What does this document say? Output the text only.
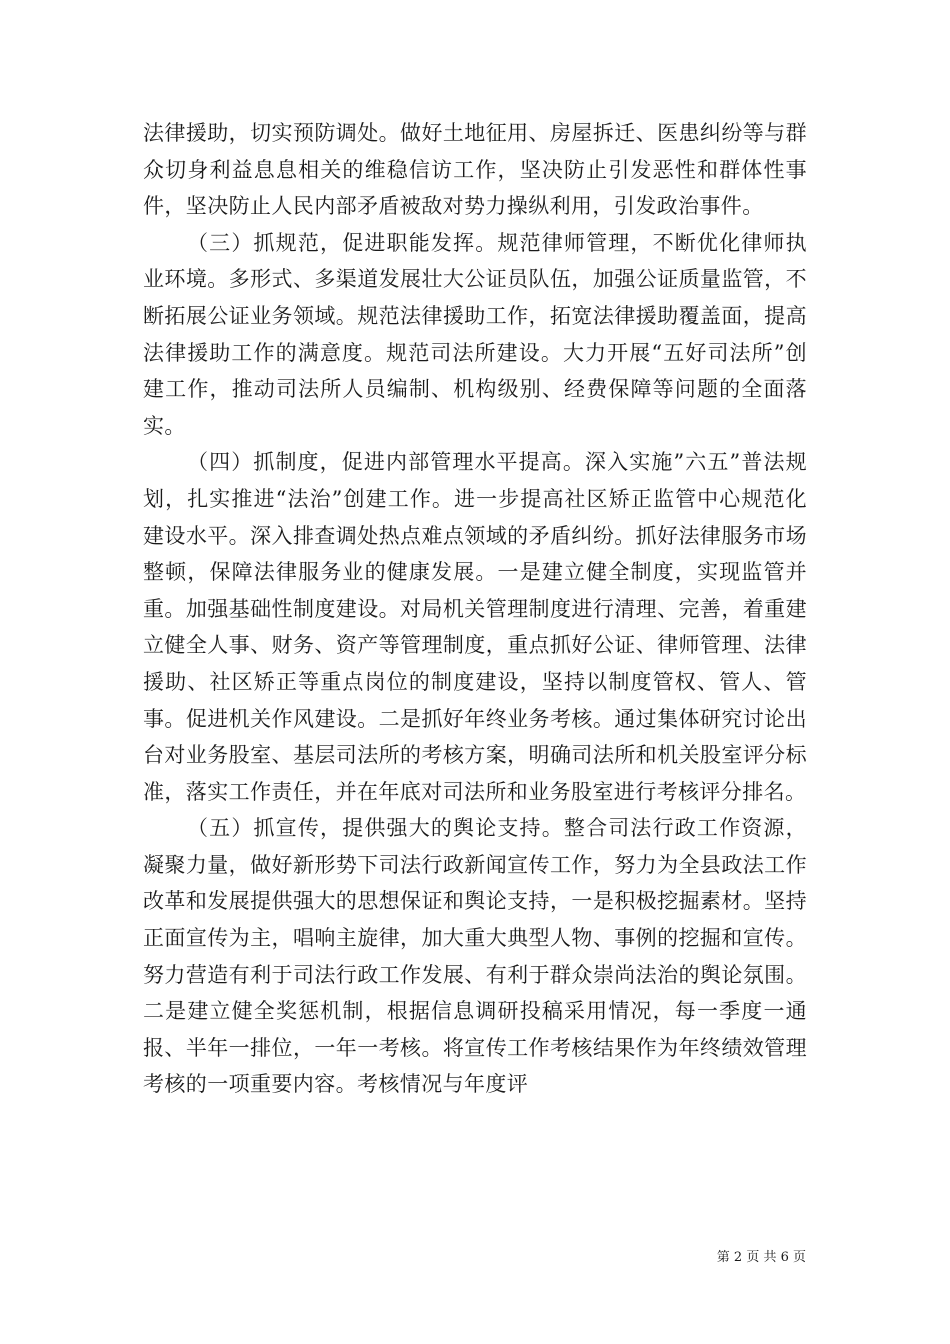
法律援助，切实预防调处。做好土地征用、房屋拆迁、医患纠纷等与群众切身利益息息相关的维稳信访工作，坚决防止引发恶性和群体性事件，坚决防止人民内部矛盾被敌对势力操纵利用，引发政治事件。

（三）抓规范，促进职能发挥。规范律师管理，不断优化律师执业环境。多形式、多渠道发展壮大公证员队伍，加强公证质量监管，不断拓展公证业务领域。规范法律援助工作，拓宽法律援助覆盖面，提高法律援助工作的满意度。规范司法所建设。大力开展“五好司法所”创建工作，推动司法所人员编制、机构级别、经费保障等问题的全面落实。

（四）抓制度，促进内部管理水平提高。深入实施”六五”普法规划，扎实推进“法治”创建工作。进一步提高社区矫正监管中心规范化建设水平。深入排查调处热点难点领域的矛盾纠纷。抓好法律服务市场整顿，保障法律服务业的健康发展。一是建立健全制度，实现监管并重。加强基础性制度建设。对局机关管理制度进行清理、完善，着重建立健全人事、财务、资产等管理制度，重点抓好公证、律师管理、法律援助、社区矫正等重点岗位的制度建设，坚持以制度管权、管人、管事。促进机关作风建设。二是抓好年终业务考核。通过集体研究讨论出台对业务股室、基层司法所的考核方案，明确司法所和机关股室评分标准，落实工作责任，并在年底对司法所和业务股室进行考核评分排名。

（五）抓宣传，提供强大的舆论支持。整合司法行政工作资源，凝聚力量，做好新形势下司法行政新闻宣传工作，努力为全县政法工作改革和发展提供强大的思想保证和舆论支持，一是积极挖掘素材。坚持正面宣传为主，唱响主旋律，加大重大典型人物、事例的挖掘和宣传。努力营造有利于司法行政工作发展、有利于群众崇尚法治的舆论氛围。二是建立健全奖惩机制，根据信息调研投稿采用情况，每一季度一通报、半年一排位，一年一考核。将宣传工作考核结果作为年终绩效管理考核的一项重要内容。考核情况与年度评

第 2 页 共 6 页
